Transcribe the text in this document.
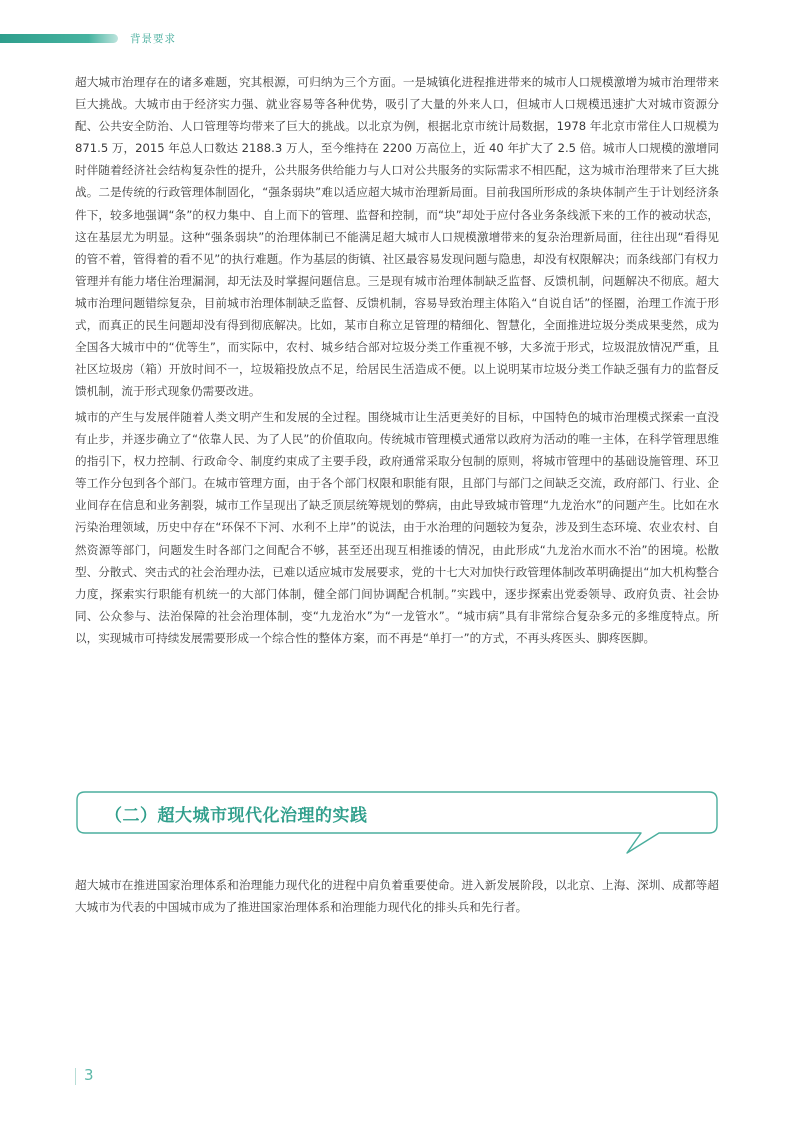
背景要求

超大城市治理存在的诸多难题，究其根源，可归纳为三个方面。一是城镇化进程推进带来的城市人口规模激增为城市治理带来巨大挑战。大城市由于经济实力强、就业容易等各种优势，吸引了大量的外来人口，但城市人口规模迅速扩大对城市资源分配、公共安全防治、人口管理等均带来了巨大的挑战。以北京为例，根据北京市统计局数据，1978 年北京市常住人口规模为 871.5 万，2015 年总人口数达 2188.3 万人，至今维持在 2200 万高位上，近 40 年扩大了 2.5 倍。城市人口规模的激增同时伴随着经济社会结构复杂性的提升，公共服务供给能力与人口对公共服务的实际需求不相匹配，这为城市治理带来了巨大挑战。二是传统的行政管理体制固化，“强条弱块”难以适应超大城市治理新局面。目前我国所形成的条块体制产生于计划经济条件下，较多地强调“条”的权力集中、自上而下的管理、监督和控制，而“块”却处于应付各业务条线派下来的工作的被动状态，这在基层尤为明显。这种“强条弱块”的治理体制已不能满足超大城市人口规模激增带来的复杂治理新局面，往往出现“看得见的管不着，管得着的看不见”的执行难题。作为基层的街镇、社区最容易发现问题与隐患，却没有权限解决；而条线部门有权力管理并有能力堵住治理漏洞，却无法及时掌握问题信息。三是现有城市治理体制缺乏监督、反馈机制，问题解决不彻底。超大城市治理问题错综复杂，目前城市治理体制缺乏监督、反馈机制，容易导致治理主体陷入“自说自话”的怪圈，治理工作流于形式，而真正的民生问题却没有得到彻底解决。比如，某市自称立足管理的精细化、智慧化，全面推进垃圾分类成果斐然，成为全国各大城市中的“优等生”，而实际中，农村、城乡结合部对垃圾分类工作重视不够，大多流于形式，垃圾混放情况严重，且社区垃圾房（箱）开放时间不一，垃圾箱投放点不足，给居民生活造成不便。以上说明某市垃圾分类工作缺乏强有力的监督反馈机制，流于形式现象仍需要改进。

城市的产生与发展伴随着人类文明产生和发展的全过程。围绕城市让生活更美好的目标，中国特色的城市治理模式探索一直没有止步，并逐步确立了“依靠人民、为了人民”的价值取向。传统城市管理模式通常以政府为活动的唯一主体，在科学管理思维的指引下，权力控制、行政命令、制度约束成了主要手段，政府通常采取分包制的原则，将城市管理中的基础设施管理、环卫等工作分包到各个部门。在城市管理方面，由于各个部门权限和职能有限，且部门与部门之间缺乏交流，政府部门、行业、企业间存在信息和业务割裂，城市工作呈现出了缺乏顶层统筹规划的弊病，由此导致城市管理“九龙治水”的问题产生。比如在水污染治理领域，历史中存在“环保不下河、水利不上岸”的说法，由于水治理的问题较为复杂，涉及到生态环境、农业农村、自然资源等部门，问题发生时各部门之间配合不够，甚至还出现互相推诿的情况，由此形成“九龙治水而水不治”的困境。松散型、分散式、突击式的社会治理办法，已难以适应城市发展要求，党的十七大对加快行政管理体制改革明确提出“加大机构整合力度，探索实行职能有机统一的大部门体制，健全部门间协调配合机制。”实践中，逐步探索出党委领导、政府负责、社会协同、公众参与、法治保障的社会治理体制，变“九龙治水”为“一龙管水”。“城市病”具有非常综合复杂多元的多维度特点。所以，实现城市可持续发展需要形成一个综合性的整体方案，而不再是“单打一”的方式，不再头疼医头、脚疼医脚。

（二）超大城市现代化治理的实践

超大城市在推进国家治理体系和治理能力现代化的进程中肩负着重要使命。进入新发展阶段，以北京、上海、深圳、成都等超大城市为代表的中国城市成为了推进国家治理体系和治理能力现代化的排头兵和先行者。

3
